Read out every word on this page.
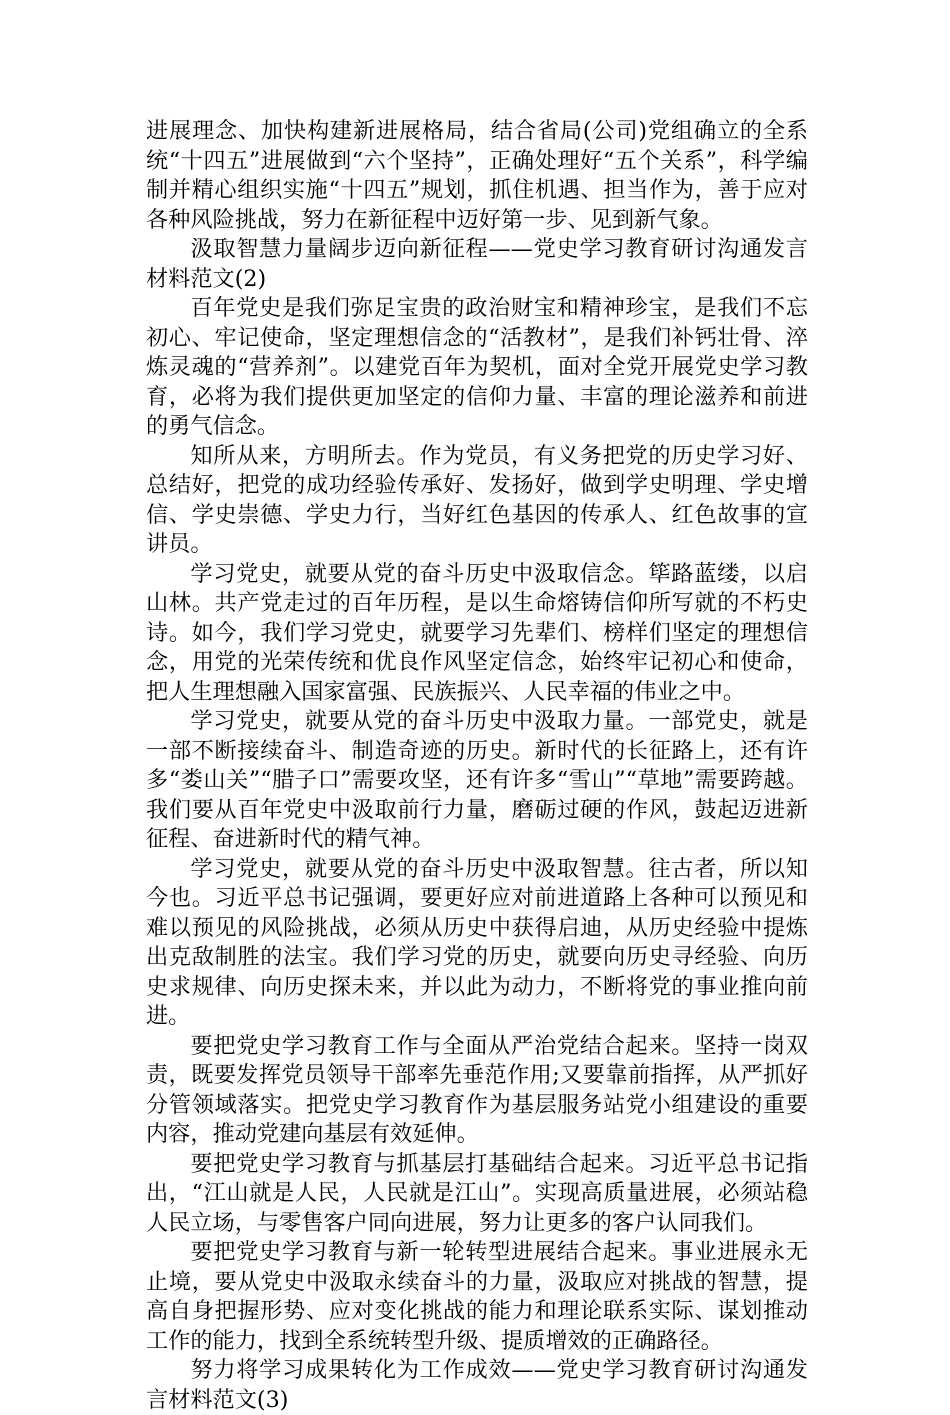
进展理念、加快构建新进展格局，结合省局(公司)党组确立的全系统“十四五”进展做到“六个坚持”，正确处理好“五个关系”，科学编制并精心组织实施“十四五”规划，抓住机遇、担当作为，善于应对各种风险挑战，努力在新征程中迈好第一步、见到新气象。

汲取智慧力量阔步迈向新征程——党史学习教育研讨沟通发言材料范文(2)

百年党史是我们弥足宝贵的政治财宝和精神珍宝，是我们不忘初心、牢记使命，坚定理想信念的“活教材”，是我们补钙壮骨、淬炼灵魂的“营养剂”。以建党百年为契机，面对全党开展党史学习教育，必将为我们提供更加坚定的信仰力量、丰富的理论滋养和前进的勇气信念。

知所从来，方明所去。作为党员，有义务把党的历史学习好、总结好，把党的成功经验传承好、发扬好，做到学史明理、学史增信、学史崇德、学史力行，当好红色基因的传承人、红色故事的宣讲员。

学习党史，就要从党的奋斗历史中汲取信念。筚路蓝缕，以启山林。共产党走过的百年历程，是以生命熔铸信仰所写就的不朽史诗。如今，我们学习党史，就要学习先辈们、榜样们坚定的理想信念，用党的光荣传统和优良作风坚定信念，始终牢记初心和使命，把人生理想融入国家富强、民族振兴、人民幸福的伟业之中。

学习党史，就要从党的奋斗历史中汲取力量。一部党史，就是一部不断接续奋斗、制造奇迹的历史。新时代的长征路上，还有许多“娄山关”“腊子口”需要攻坚，还有许多“雪山”“草地”需要跨越。我们要从百年党史中汲取前行力量，磨砺过硬的作风，鼓起迈进新征程、奋进新时代的精气神。

学习党史，就要从党的奋斗历史中汲取智慧。往古者，所以知今也。习近平总书记强调，要更好应对前进道路上各种可以预见和难以预见的风险挑战，必须从历史中获得启迪，从历史经验中提炼出克敌制胜的法宝。我们学习党的历史，就要向历史寻经验、向历史求规律、向历史探未来，并以此为动力，不断将党的事业推向前进。

要把党史学习教育工作与全面从严治党结合起来。坚持一岗双责，既要发挥党员领导干部率先垂范作用;又要靠前指挥，从严抓好分管领域落实。把党史学习教育作为基层服务站党小组建设的重要内容，推动党建向基层有效延伸。

要把党史学习教育与抓基层打基础结合起来。习近平总书记指出，“江山就是人民，人民就是江山”。实现高质量进展，必须站稳人民立场，与零售客户同向进展，努力让更多的客户认同我们。

要把党史学习教育与新一轮转型进展结合起来。事业进展永无止境，要从党史中汲取永续奋斗的力量，汲取应对挑战的智慧，提高自身把握形势、应对变化挑战的能力和理论联系实际、谋划推动工作的能力，找到全系统转型升级、提质增效的正确路径。

努力将学习成果转化为工作成效——党史学习教育研讨沟通发言材料范文(3)
